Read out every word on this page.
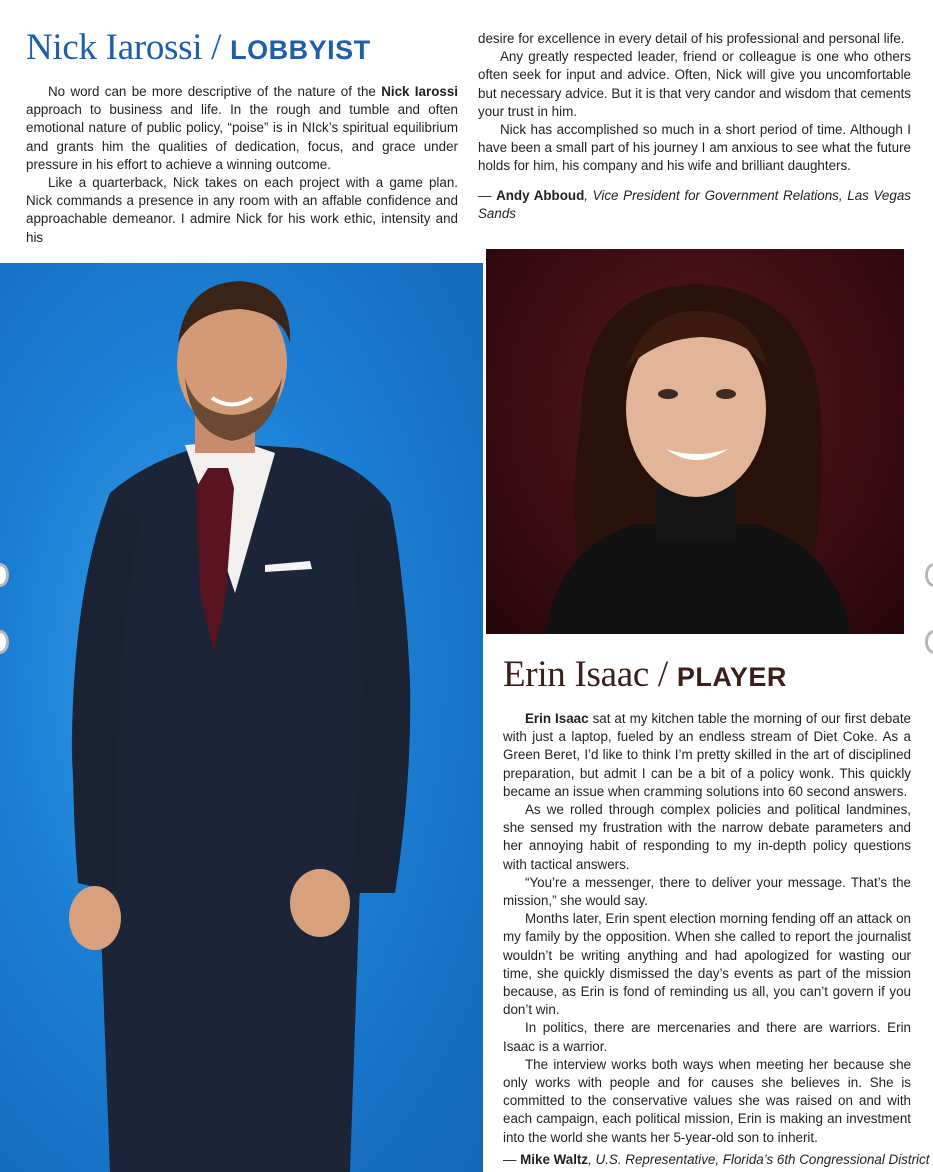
Nick Iarossi / LOBBYIST

No word can be more descriptive of the nature of the Nick Iarossi approach to business and life. In the rough and tumble and often emotional nature of public policy, “poise” is in NIck’s spiritual equilibrium and grants him the qualities of dedication, focus, and grace under pressure in his effort to achieve a winning outcome.

Like a quarterback, Nick takes on each project with a game plan. Nick commands a presence in any room with an affable confidence and approachable demeanor. I admire Nick for his work ethic, intensity and his

desire for excellence in every detail of his professional and personal life.

Any greatly respected leader, friend or colleague is one who others often seek for input and advice. Often, Nick will give you uncomfortable but necessary advice. But it is that very candor and wisdom that cements your trust in him.

Nick has accomplished so much in a short period of time. Although I have been a small part of his journey I am anxious to see what the future holds for him, his company and his wife and brilliant daughters.

— Andy Abboud, Vice President for Government Relations, Las Vegas Sands
Erin Isaac / PLAYER

Erin Isaac sat at my kitchen table the morning of our first debate with just a laptop, fueled by an endless stream of Diet Coke. As a Green Beret, I’d like to think I’m pretty skilled in the art of disciplined preparation, but admit I can be a bit of a policy wonk. This quickly became an issue when cramming solutions into 60 second answers.

As we rolled through complex policies and political landmines, she sensed my frustration with the narrow debate parameters and her annoying habit of responding to my in-depth policy questions with tactical answers.

“You’re a messenger, there to deliver your message. That’s the mission,” she would say.

Months later, Erin spent election morning fending off an attack on my family by the opposition. When she called to report the journalist wouldn’t be writing anything and had apologized for wasting our time, she quickly dismissed the day’s events as part of the mission because, as Erin is fond of reminding us all, you can’t govern if you don’t win.

In politics, there are mercenaries and there are warriors. Erin Isaac is a warrior.

The interview works both ways when meeting her because she only works with people and for causes she believes in. She is committed to the conservative values she was raised on and with each campaign, each political mission, Erin is making an investment into the world she wants her 5-year-old son to inherit.

— Mike Waltz, U.S. Representative, Florida’s 6th Congressional District
